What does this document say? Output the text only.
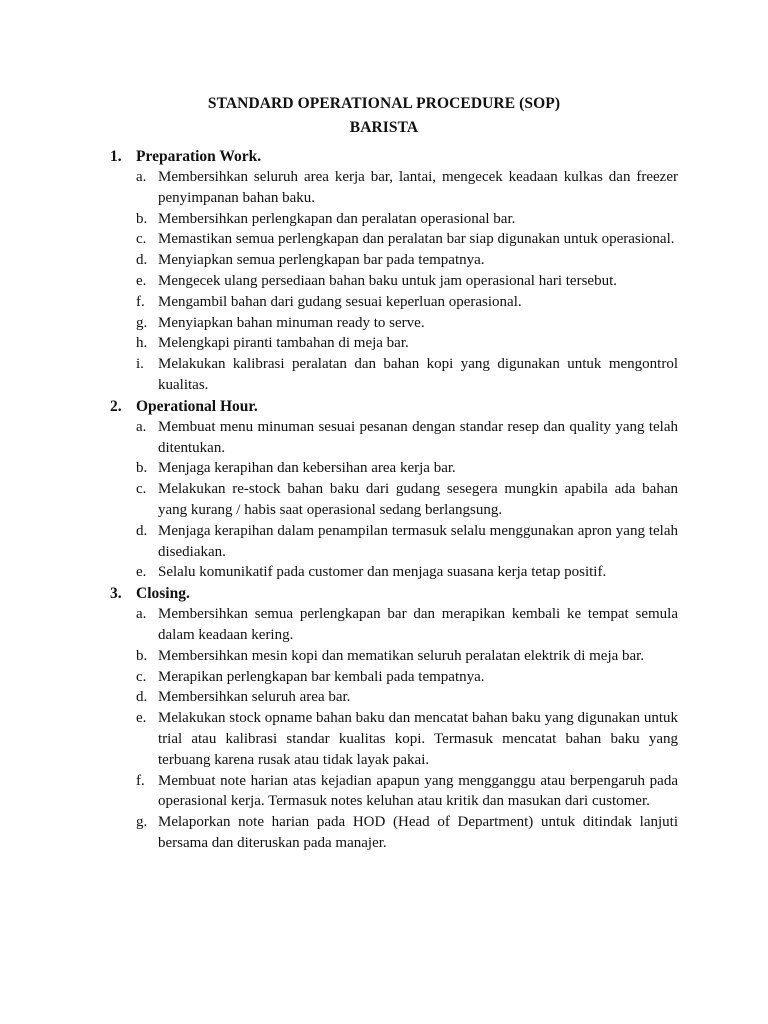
STANDARD OPERATIONAL PROCEDURE (SOP)
BARISTA
1. Preparation Work.

a. Membersihkan seluruh area kerja bar, lantai, mengecek keadaan kulkas dan freezer penyimpanan bahan baku.
b. Membersihkan perlengkapan dan peralatan operasional bar.
c. Memastikan semua perlengkapan dan peralatan bar siap digunakan untuk operasional.
d. Menyiapkan semua perlengkapan bar pada tempatnya.
e. Mengecek ulang persediaan bahan baku untuk jam operasional hari tersebut.
f. Mengambil bahan dari gudang sesuai keperluan operasional.
g. Menyiapkan bahan minuman ready to serve.
h. Melengkapi piranti tambahan di meja bar.
i. Melakukan kalibrasi peralatan dan bahan kopi yang digunakan untuk mengontrol kualitas.
2. Operational Hour.

a. Membuat menu minuman sesuai pesanan dengan standar resep dan quality yang telah ditentukan.
b. Menjaga kerapihan dan kebersihan area kerja bar.
c. Melakukan re-stock bahan baku dari gudang sesegera mungkin apabila ada bahan yang kurang / habis saat operasional sedang berlangsung.
d. Menjaga kerapihan dalam penampilan termasuk selalu menggunakan apron yang telah disediakan.
e. Selalu komunikatif pada customer dan menjaga suasana kerja tetap positif.
3. Closing.

a. Membersihkan semua perlengkapan bar dan merapikan kembali ke tempat semula dalam keadaan kering.
b. Membersihkan mesin kopi dan mematikan seluruh peralatan elektrik di meja bar.
c. Merapikan perlengkapan bar kembali pada tempatnya.
d. Membersihkan seluruh area bar.
e. Melakukan stock opname bahan baku dan mencatat bahan baku yang digunakan untuk trial atau kalibrasi standar kualitas kopi. Termasuk mencatat bahan baku yang terbuang karena rusak atau tidak layak pakai.
f. Membuat note harian atas kejadian apapun yang mengganggu atau berpengaruh pada operasional kerja. Termasuk notes keluhan atau kritik dan masukan dari customer.
g. Melaporkan note harian pada HOD (Head of Department) untuk ditindak lanjuti bersama dan diteruskan pada manajer.
